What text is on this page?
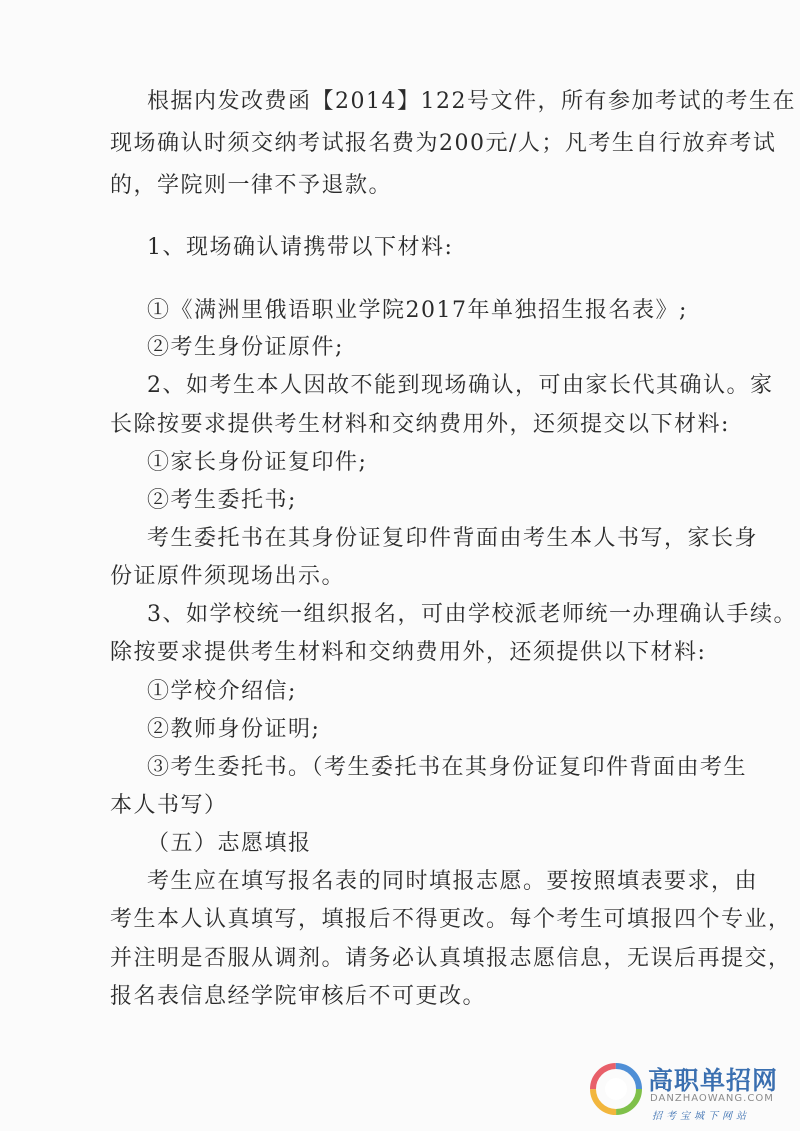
根据内发改费函【2014】122号文件，所有参加考试的考生在
现场确认时须交纳考试报名费为200元/人；凡考生自行放弃考试
的，学院则一律不予退款。
1、现场确认请携带以下材料:
①《满洲里俄语职业学院2017年单独招生报名表》;
②考生身份证原件;
2、如考生本人因故不能到现场确认，可由家长代其确认。家
长除按要求提供考生材料和交纳费用外，还须提交以下材料:
①家长身份证复印件;
②考生委托书;
考生委托书在其身份证复印件背面由考生本人书写，家长身
份证原件须现场出示。
3、如学校统一组织报名，可由学校派老师统一办理确认手续。
除按要求提供考生材料和交纳费用外，还须提供以下材料:
①学校介绍信;
②教师身份证明;
③考生委托书。（考生委托书在其身份证复印件背面由考生
本人书写）
（五）志愿填报
考生应在填写报名表的同时填报志愿。要按照填表要求，由
考生本人认真填写，填报后不得更改。每个考生可填报四个专业，
并注明是否服从调剂。请务必认真填报志愿信息，无误后再提交，
报名表信息经学院审核后不可更改。
高职单招网
DANZHAOWANG.COM
招考宝城下网站
